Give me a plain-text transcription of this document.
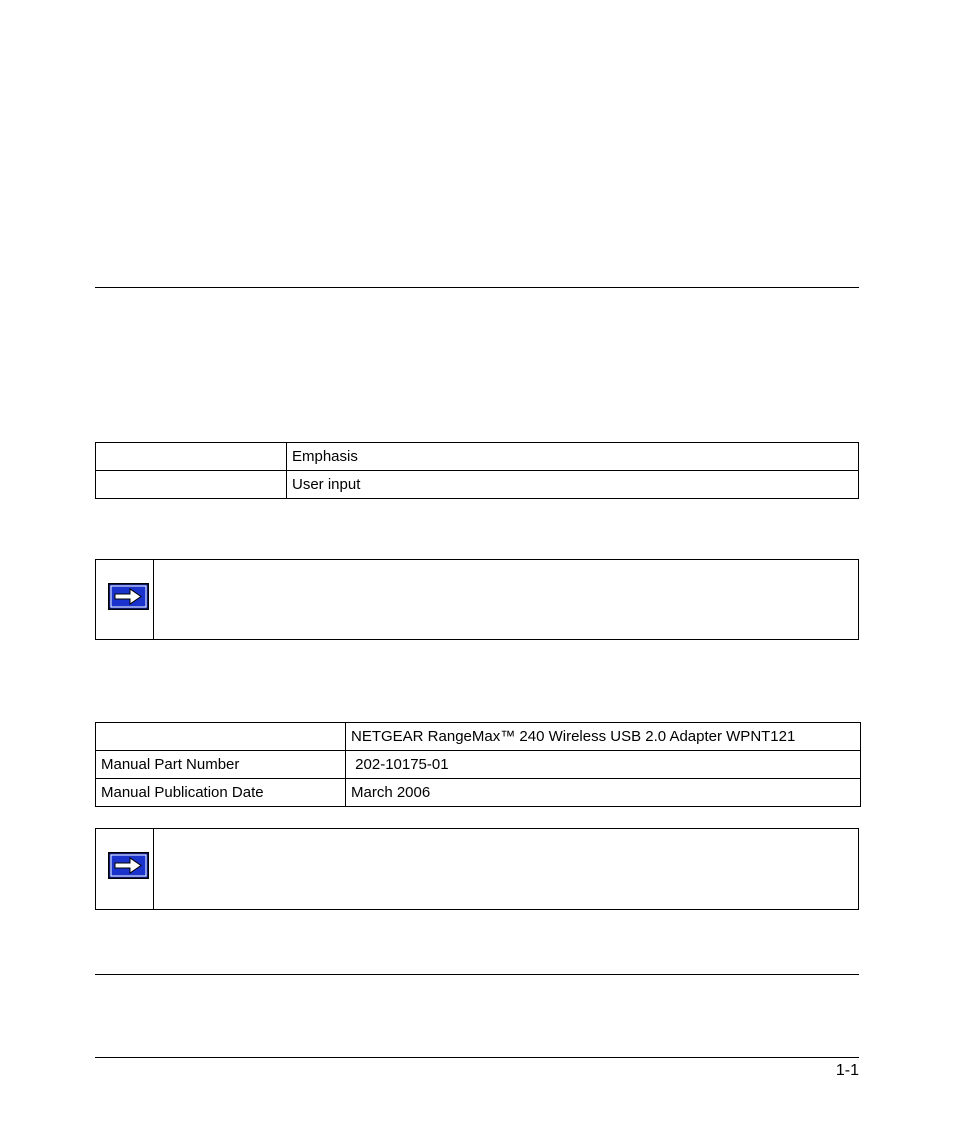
	Emphasis
	User input
	NETGEAR RangeMax™ 240 Wireless USB 2.0 Adapter WPNT121
Manual Part Number	202-10175-01
Manual Publication Date	March 2006
1-1
